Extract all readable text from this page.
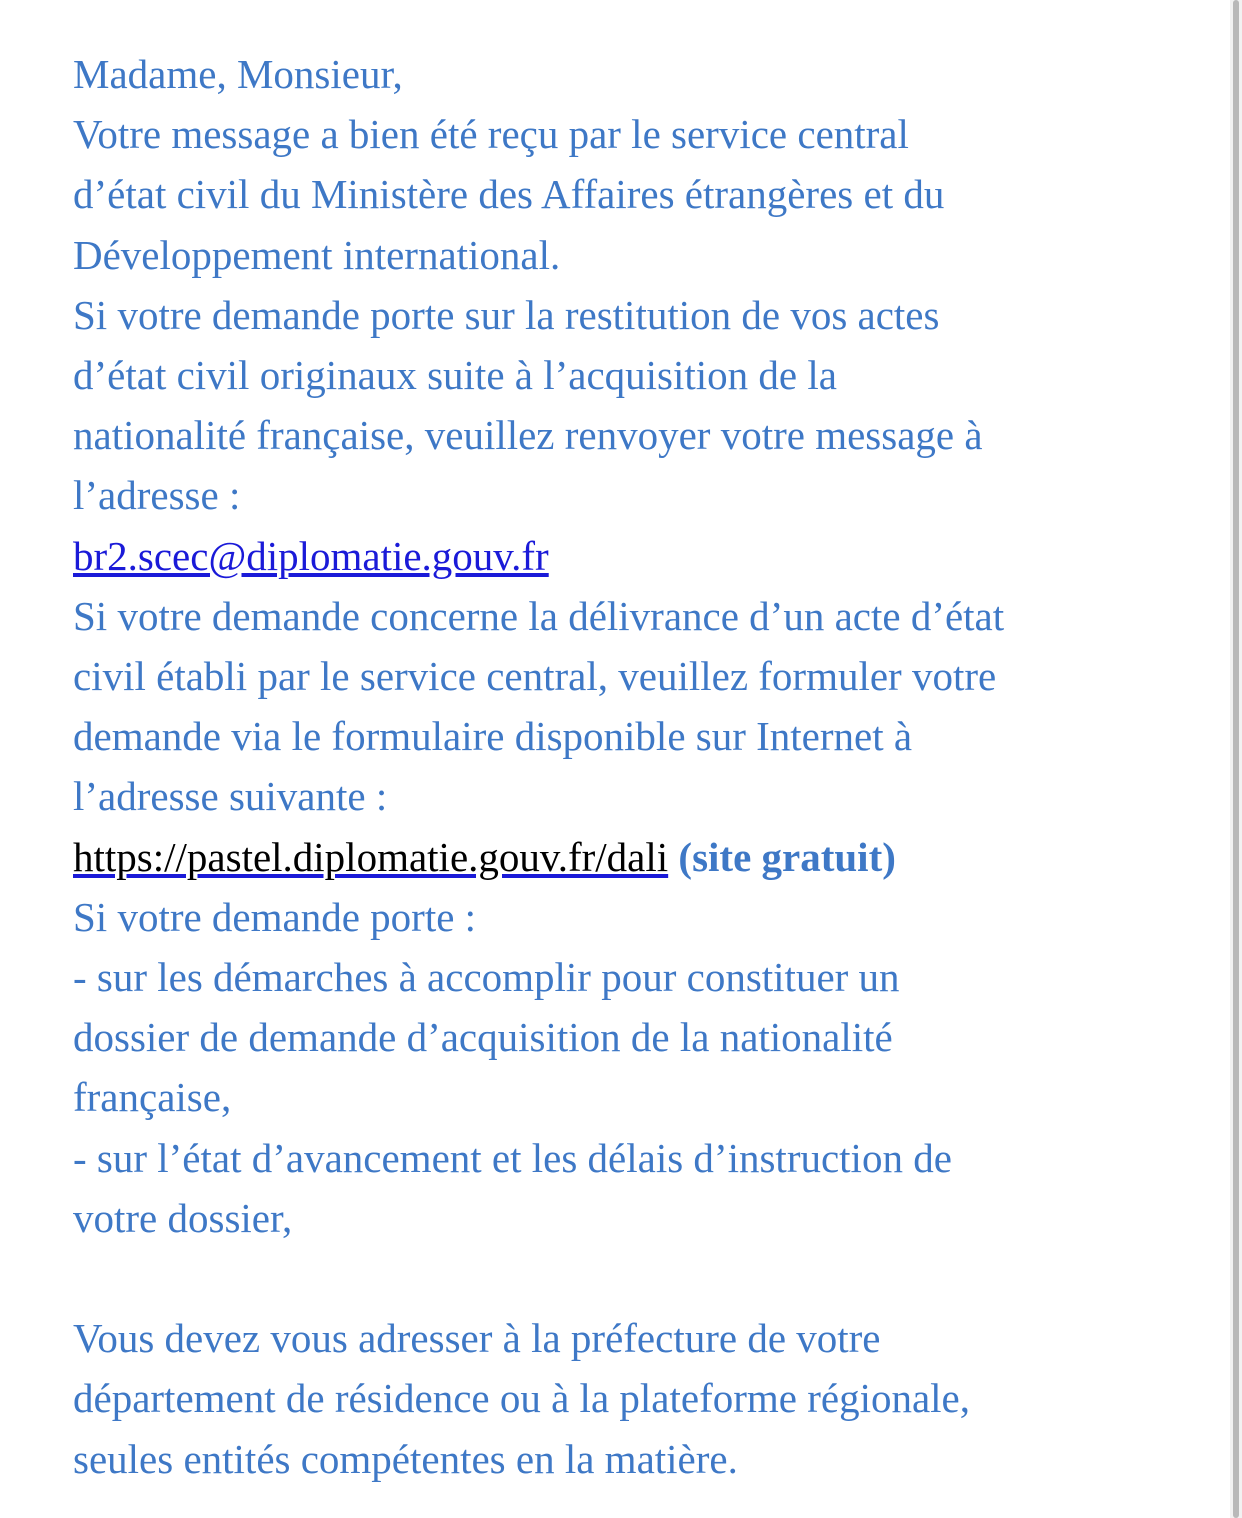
Madame, Monsieur,
Votre message a bien été reçu par le service central
d’état civil du Ministère des Affaires étrangères et du
Développement international.
Si votre demande porte sur la restitution de vos actes
d’état civil originaux suite à l’acquisition de la
nationalité française, veuillez renvoyer votre message à
l’adresse :
br2.scec@diplomatie.gouv.fr
Si votre demande concerne la délivrance d’un acte d’état
civil établi par le service central, veuillez formuler votre
demande via le formulaire disponible sur Internet à
l’adresse suivante :
https://pastel.diplomatie.gouv.fr/dali (site gratuit)
Si votre demande porte :
- sur les démarches à accomplir pour constituer un
dossier de demande d’acquisition de la nationalité
française,
- sur l’état d’avancement et les délais d’instruction de
votre dossier,
Vous devez vous adresser à la préfecture de votre
département de résidence ou à la plateforme régionale,
seules entités compétentes en la matière.
